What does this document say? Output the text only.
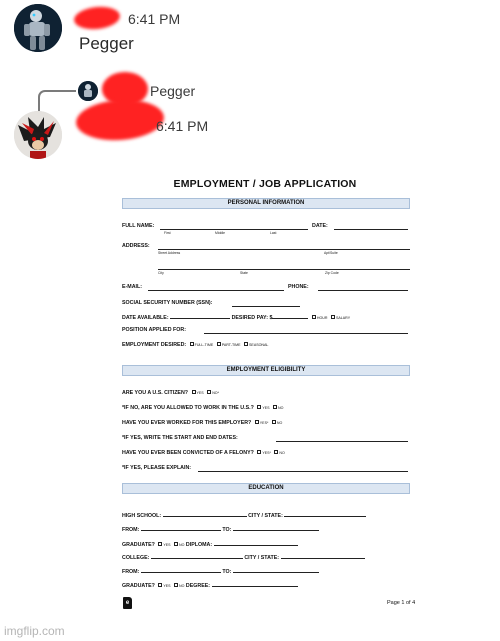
6:41 PM
Pegger
Pegger
6:41 PM
EMPLOYMENT / JOB APPLICATION
PERSONAL INFORMATION
FULL NAME:	DATE:
First	Middle	Last
ADDRESS:
Street Address	Apt/Suite
City	State	Zip Code
E-MAIL:	PHONE:
SOCIAL SECURITY NUMBER (SSN):
DATE AVAILABLE:	DESIRED PAY: $	HOUR SALARY
POSITION APPLIED FOR:
EMPLOYMENT DESIRED: FULL-TIME PART-TIME SEASONAL
EMPLOYMENT ELIGIBILITY
ARE YOU A U.S. CITIZEN? YES NO*
*IF NO, ARE YOU ALLOWED TO WORK IN THE U.S.? YES NO
HAVE YOU EVER WORKED FOR THIS EMPLOYER? YES* NO
*IF YES, WRITE THE START AND END DATES:
HAVE YOU EVER BEEN CONVICTED OF A FELONY? YES* NO
*IF YES, PLEASE EXPLAIN:
EDUCATION
HIGH SCHOOL:	CITY / STATE:
FROM:	TO:
GRADUATE? YES NO DIPLOMA:
COLLEGE:	CITY / STATE:
FROM:	TO:
GRADUATE? YES NO DEGREE:
e	Page 1 of 4
imgflip.com
